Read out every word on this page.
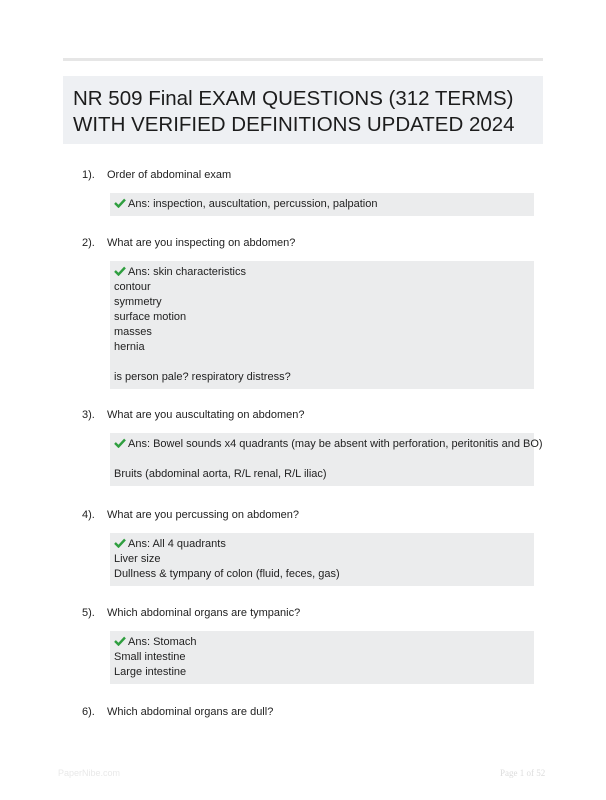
NR 509 Final EXAM QUESTIONS (312 TERMS)
WITH VERIFIED DEFINITIONS UPDATED 2024
1). Order of abdominal exam
Ans: inspection, auscultation, percussion, palpation
2). What are you inspecting on abdomen?
Ans: skin characteristics
contour
symmetry
surface motion
masses
hernia
is person pale? respiratory distress?
3). What are you auscultating on abdomen?
Ans: Bowel sounds x4 quadrants (may be absent with perforation, peritonitis and BO)
Bruits (abdominal aorta, R/L renal, R/L iliac)
4). What are you percussing on abdomen?
Ans: All 4 quadrants
Liver size
Dullness & tympany of colon (fluid, feces, gas)
5). Which abdominal organs are tympanic?
Ans: Stomach
Small intestine
Large intestine
6). Which abdominal organs are dull?
PaperNibe.com	Page 1 of 52
